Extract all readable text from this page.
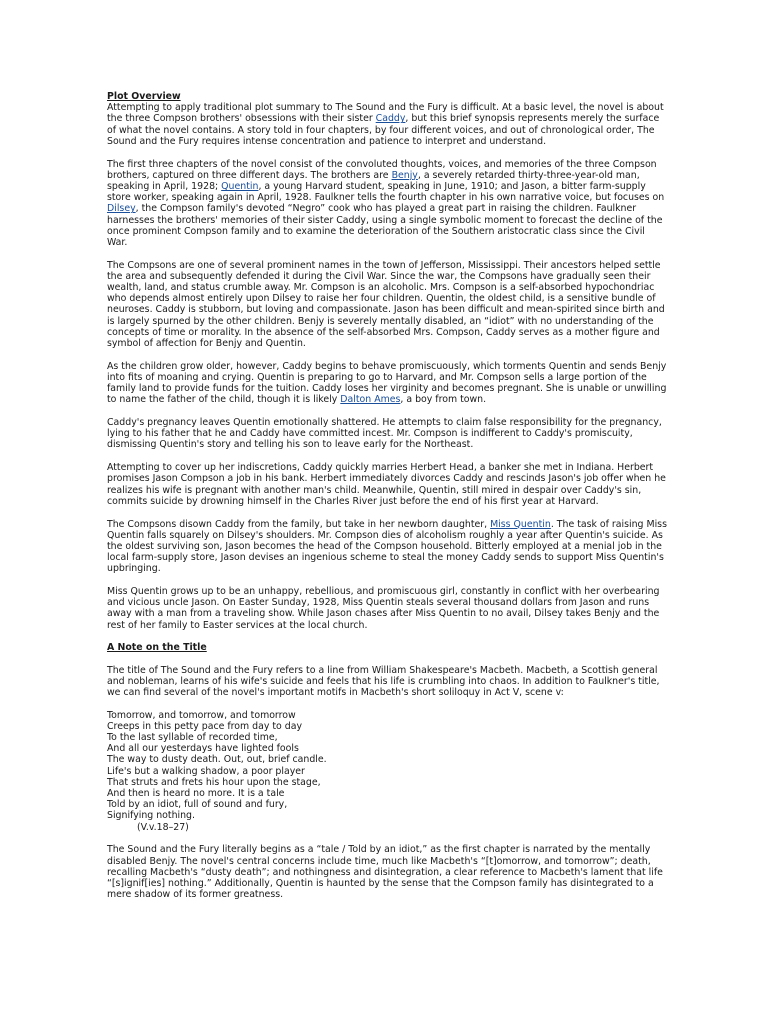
Plot Overview

Attempting to apply traditional plot summary to The Sound and the Fury is difficult. At a basic level, the novel is about the three Compson brothers' obsessions with their sister Caddy, but this brief synopsis represents merely the surface of what the novel contains. A story told in four chapters, by four different voices, and out of chronological order, The Sound and the Fury requires intense concentration and patience to interpret and understand.

The first three chapters of the novel consist of the convoluted thoughts, voices, and memories of the three Compson brothers, captured on three different days. The brothers are Benjy, a severely retarded thirty-three-year-old man, speaking in April, 1928; Quentin, a young Harvard student, speaking in June, 1910; and Jason, a bitter farm-supply store worker, speaking again in April, 1928. Faulkner tells the fourth chapter in his own narrative voice, but focuses on Dilsey, the Compson family's devoted “Negro” cook who has played a great part in raising the children. Faulkner harnesses the brothers' memories of their sister Caddy, using a single symbolic moment to forecast the decline of the once prominent Compson family and to examine the deterioration of the Southern aristocratic class since the Civil War.

The Compsons are one of several prominent names in the town of Jefferson, Mississippi. Their ancestors helped settle the area and subsequently defended it during the Civil War. Since the war, the Compsons have gradually seen their wealth, land, and status crumble away. Mr. Compson is an alcoholic. Mrs. Compson is a self-absorbed hypochondriac who depends almost entirely upon Dilsey to raise her four children. Quentin, the oldest child, is a sensitive bundle of neuroses. Caddy is stubborn, but loving and compassionate. Jason has been difficult and mean-spirited since birth and is largely spurned by the other children. Benjy is severely mentally disabled, an “idiot” with no understanding of the concepts of time or morality. In the absence of the self-absorbed Mrs. Compson, Caddy serves as a mother figure and symbol of affection for Benjy and Quentin.

As the children grow older, however, Caddy begins to behave promiscuously, which torments Quentin and sends Benjy into fits of moaning and crying. Quentin is preparing to go to Harvard, and Mr. Compson sells a large portion of the family land to provide funds for the tuition. Caddy loses her virginity and becomes pregnant. She is unable or unwilling to name the father of the child, though it is likely Dalton Ames, a boy from town.

Caddy's pregnancy leaves Quentin emotionally shattered. He attempts to claim false responsibility for the pregnancy, lying to his father that he and Caddy have committed incest. Mr. Compson is indifferent to Caddy's promiscuity, dismissing Quentin's story and telling his son to leave early for the Northeast.

Attempting to cover up her indiscretions, Caddy quickly marries Herbert Head, a banker she met in Indiana. Herbert promises Jason Compson a job in his bank. Herbert immediately divorces Caddy and rescinds Jason's job offer when he realizes his wife is pregnant with another man's child. Meanwhile, Quentin, still mired in despair over Caddy's sin, commits suicide by drowning himself in the Charles River just before the end of his first year at Harvard.

The Compsons disown Caddy from the family, but take in her newborn daughter, Miss Quentin. The task of raising Miss Quentin falls squarely on Dilsey's shoulders. Mr. Compson dies of alcoholism roughly a year after Quentin's suicide. As the oldest surviving son, Jason becomes the head of the Compson household. Bitterly employed at a menial job in the local farm-supply store, Jason devises an ingenious scheme to steal the money Caddy sends to support Miss Quentin's upbringing.

Miss Quentin grows up to be an unhappy, rebellious, and promiscuous girl, constantly in conflict with her overbearing and vicious uncle Jason. On Easter Sunday, 1928, Miss Quentin steals several thousand dollars from Jason and runs away with a man from a traveling show. While Jason chases after Miss Quentin to no avail, Dilsey takes Benjy and the rest of her family to Easter services at the local church.

A Note on the Title

The title of The Sound and the Fury refers to a line from William Shakespeare's Macbeth. Macbeth, a Scottish general and nobleman, learns of his wife's suicide and feels that his life is crumbling into chaos. In addition to Faulkner's title, we can find several of the novel's important motifs in Macbeth's short soliloquy in Act V, scene v:

Tomorrow, and tomorrow, and tomorrow
Creeps in this petty pace from day to day
To the last syllable of recorded time,
And all our yesterdays have lighted fools
The way to dusty death. Out, out, brief candle.
Life's but a walking shadow, a poor player
That struts and frets his hour upon the stage,
And then is heard no more. It is a tale
Told by an idiot, full of sound and fury,
Signifying nothing.
(V.v.18–27)

The Sound and the Fury literally begins as a “tale / Told by an idiot,” as the first chapter is narrated by the mentally disabled Benjy. The novel's central concerns include time, much like Macbeth's “[t]omorrow, and tomorrow”; death, recalling Macbeth's “dusty death”; and nothingness and disintegration, a clear reference to Macbeth's lament that life “[s]ignif[ies] nothing.” Additionally, Quentin is haunted by the sense that the Compson family has disintegrated to a mere shadow of its former greatness.
